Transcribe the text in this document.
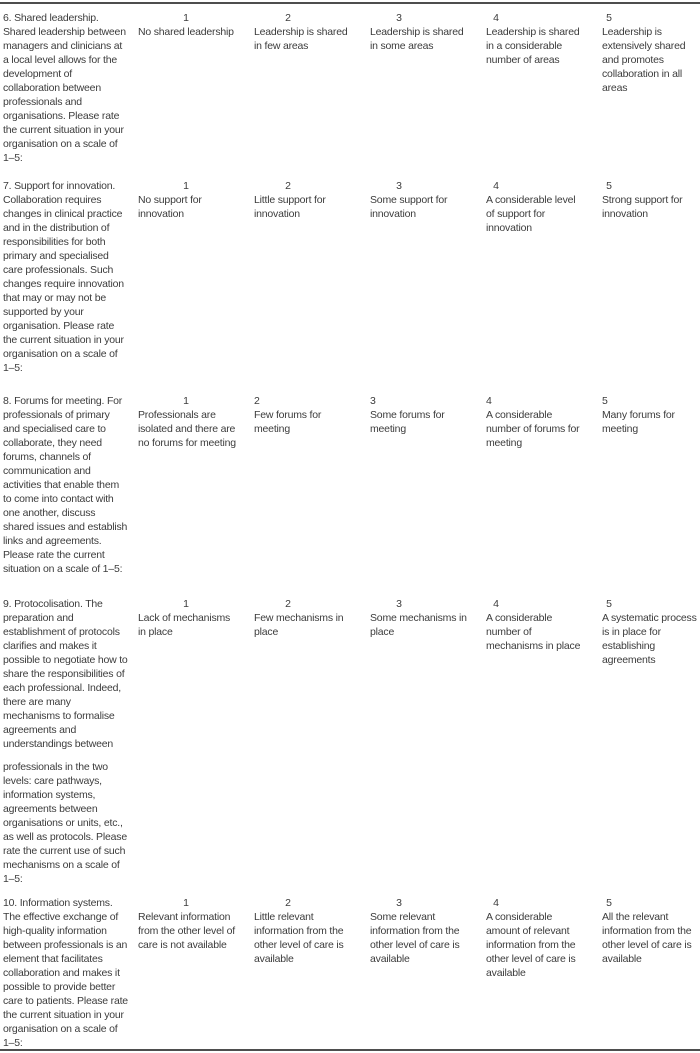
6. Shared leadership. Shared leadership between managers and clinicians at a local level allows for the development of collaboration between professionals and organisations. Please rate the current situation in your organisation on a scale of 1–5:

1
No shared leadership
2
Leadership is shared in few areas
3
Leadership is shared in some areas
4
Leadership is shared in a considerable number of areas
5
Leadership is extensively shared and promotes collaboration in all areas

7. Support for innovation. Collaboration requires changes in clinical practice and in the distribution of responsibilities for both primary and specialised care professionals. Such changes require innovation that may or may not be supported by your organisation. Please rate the current situation in your organisation on a scale of 1–5:

1
No support for innovation
2
Little support for innovation
3
Some support for innovation
4
A considerable level of support for innovation
5
Strong support for innovation

8. Forums for meeting. For professionals of primary and specialised care to collaborate, they need forums, channels of communication and activities that enable them to come into contact with one another, discuss shared issues and establish links and agreements. Please rate the current situation on a scale of 1–5:

1
Professionals are isolated and there are no forums for meeting
2
Few forums for meeting
3
Some forums for meeting
4
A considerable number of forums for meeting
5
Many forums for meeting

9. Protocolisation. The preparation and establishment of protocols clarifies and makes it possible to negotiate how to share the responsibilities of each professional. Indeed, there are many mechanisms to formalise agreements and understandings between

professionals in the two levels: care pathways, information systems, agreements between organisations or units, etc., as well as protocols. Please rate the current use of such mechanisms on a scale of 1–5:

1
Lack of mechanisms in place
2
Few mechanisms in place
3
Some mechanisms in place
4
A considerable number of mechanisms in place
5
A systematic process is in place for establishing agreements

10. Information systems. The effective exchange of high-quality information between professionals is an element that facilitates collaboration and makes it possible to provide better care to patients. Please rate the current situation in your organisation on a scale of 1–5:

1
Relevant information from the other level of care is not available
2
Little relevant information from the other level of care is available
3
Some relevant information from the other level of care is available
4
A considerable amount of relevant information from the other level of care is available
5
All the relevant information from the other level of care is available
